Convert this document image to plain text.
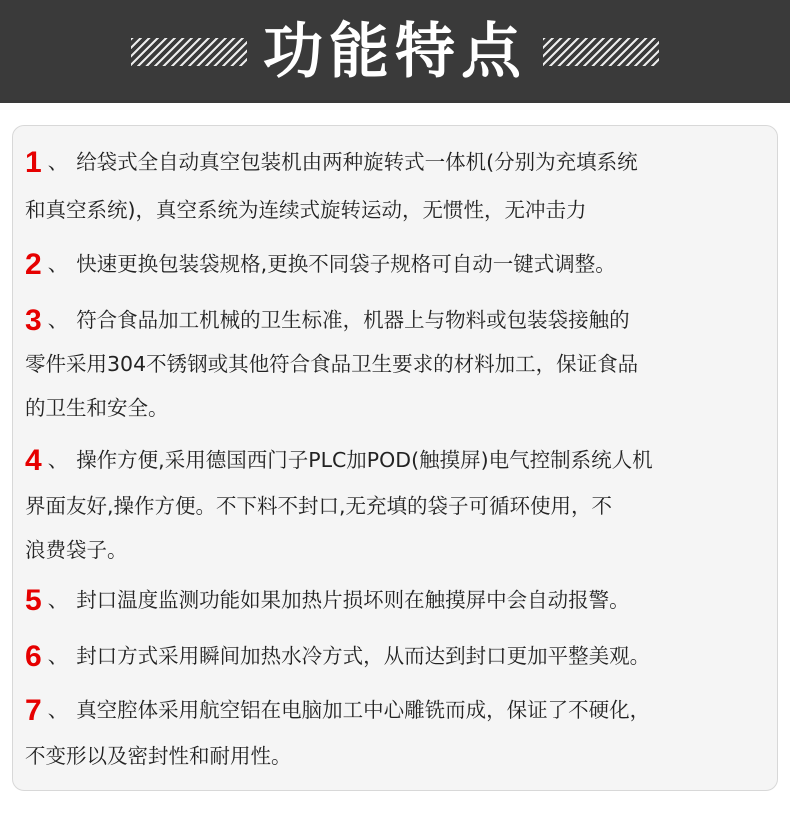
功能特点
1 、 给袋式全自动真空包装机由两种旋转式一体机(分别为充填系统
和真空系统)，真空系统为连续式旋转运动，无惯性，无冲击力
2 、 快速更换包装袋规格,更换不同袋子规格可自动一键式调整。
3 、 符合食品加工机械的卫生标准，机器上与物料或包装袋接触的
零件采用304不锈钢或其他符合食品卫生要求的材料加工，保证食品
的卫生和安全。
4 、 操作方便,采用德国西门子PLC加POD(触摸屏)电气控制系统人机
界面友好,操作方便。不下料不封口,无充填的袋子可循环使用，不
浪费袋子。
5 、 封口温度监测功能如果加热片损坏则在触摸屏中会自动报警。
6 、 封口方式采用瞬间加热水冷方式，从而达到封口更加平整美观。
7 、 真空腔体采用航空铝在电脑加工中心雕铣而成，保证了不硬化，
不变形以及密封性和耐用性。
